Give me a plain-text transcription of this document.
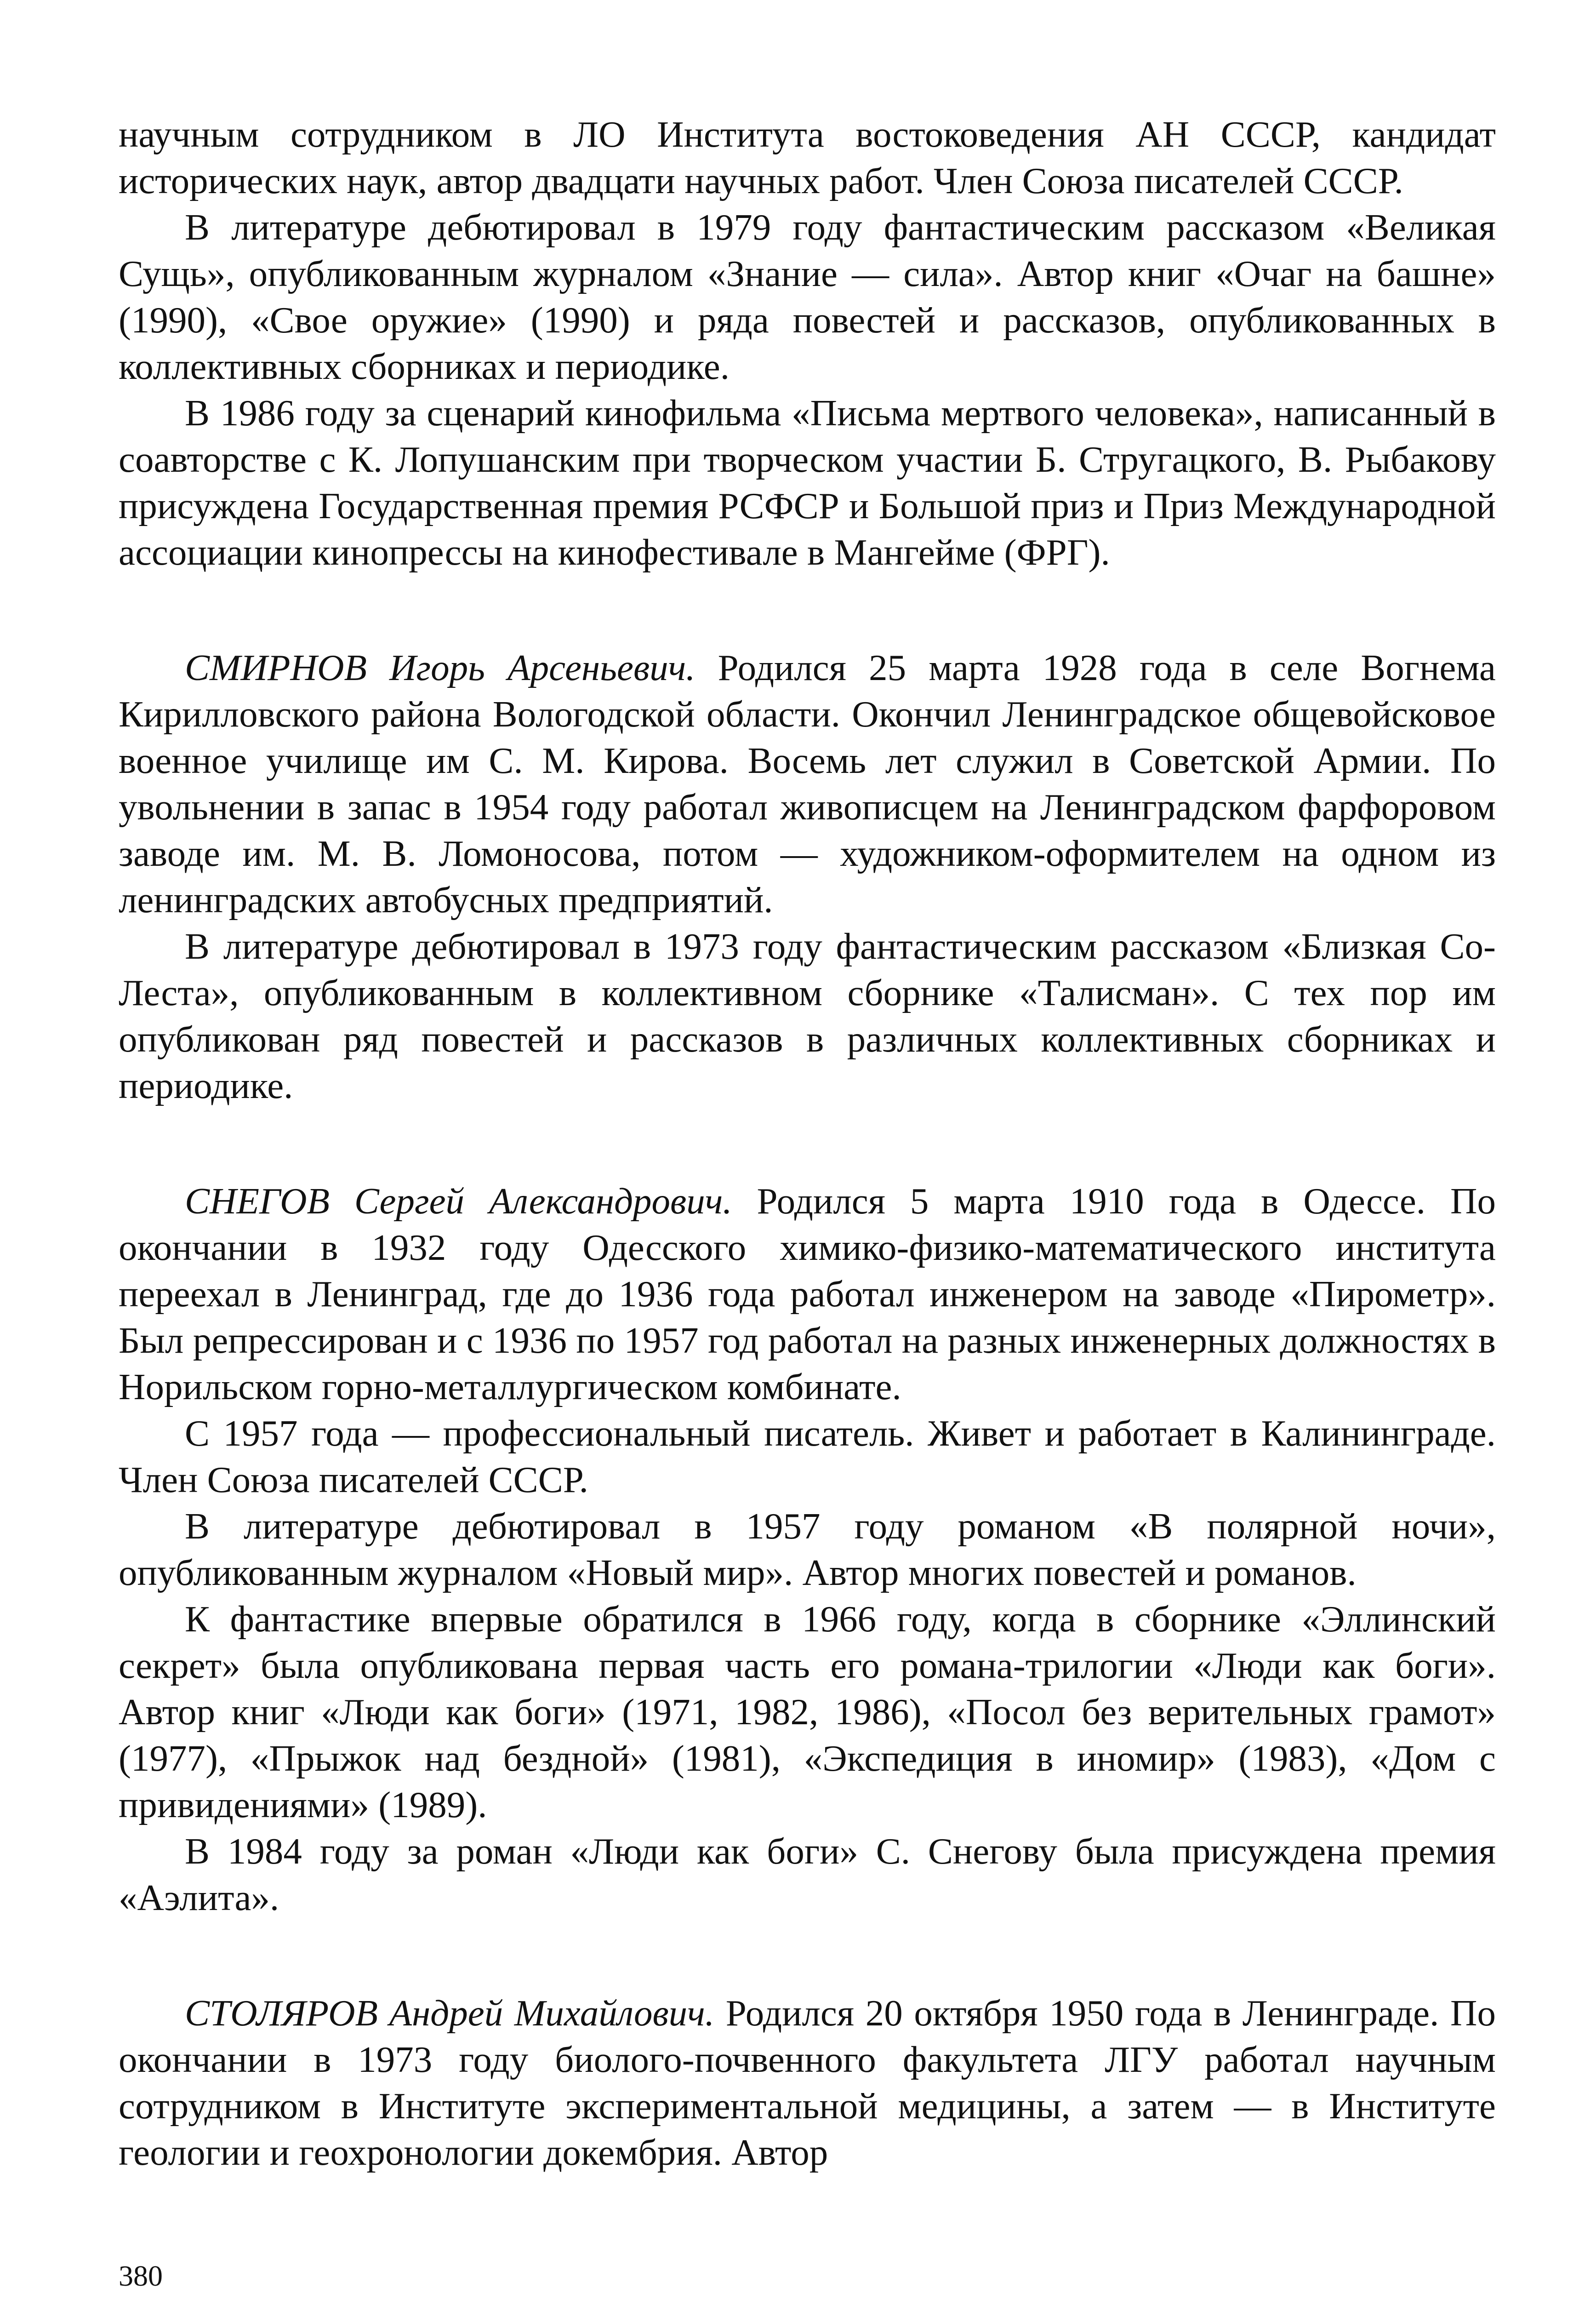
научным сотрудником в ЛО Института востоковедения АН СССР, кандидат исторических наук, автор двадцати научных работ. Член Союза писателей СССР.

В литературе дебютировал в 1979 году фантастическим рассказом «Великая Сущь», опубликованным журналом «Знание — сила». Автор книг «Очаг на башне» (1990), «Свое оружие» (1990) и ряда повестей и рассказов, опубликованных в коллективных сборниках и периодике.

В 1986 году за сценарий кинофильма «Письма мертвого человека», написанный в соавторстве с К. Лопушанским при творческом участии Б. Стругацкого, В. Рыбакову присуждена Государственная премия РСФСР и Большой приз и Приз Международной ассоциации кинопрессы на кинофестивале в Мангейме (ФРГ).

СМИРНОВ Игорь Арсеньевич. Родился 25 марта 1928 года в селе Вогнема Кирилловского района Вологодской области. Окончил Ленинградское общевойсковое военное училище им С. М. Кирова. Восемь лет служил в Советской Армии. По увольнении в запас в 1954 году работал живописцем на Ленинградском фарфоровом заводе им. М. В. Ломоносова, потом — художником-оформителем на одном из ленинградских автобусных предприятий.

В литературе дебютировал в 1973 году фантастическим рассказом «Близкая Со-Леста», опубликованным в коллективном сборнике «Талисман». С тех пор им опубликован ряд повестей и рассказов в различных коллективных сборниках и периодике.

СНЕГОВ Сергей Александрович. Родился 5 марта 1910 года в Одессе. По окончании в 1932 году Одесского химико-физико-математического института переехал в Ленинград, где до 1936 года работал инженером на заводе «Пирометр». Был репрессирован и с 1936 по 1957 год работал на разных инженерных должностях в Норильском горно-металлургическом комбинате.

С 1957 года — профессиональный писатель. Живет и работает в Калининграде. Член Союза писателей СССР.

В литературе дебютировал в 1957 году романом «В полярной ночи», опубликованным журналом «Новый мир». Автор многих повестей и романов.

К фантастике впервые обратился в 1966 году, когда в сборнике «Эллинский секрет» была опубликована первая часть его романа-трилогии «Люди как боги». Автор книг «Люди как боги» (1971, 1982, 1986), «Посол без верительных грамот» (1977), «Прыжок над бездной» (1981), «Экспедиция в иномир» (1983), «Дом с привидениями» (1989).

В 1984 году за роман «Люди как боги» С. Снегову была присуждена премия «Аэлита».

СТОЛЯРОВ Андрей Михайлович. Родился 20 октября 1950 года в Ленинграде. По окончании в 1973 году биолого-почвенного факультета ЛГУ работал научным сотрудником в Институте экспериментальной медицины, а затем — в Институте геологии и геохронологии докембрия. Автор

380
